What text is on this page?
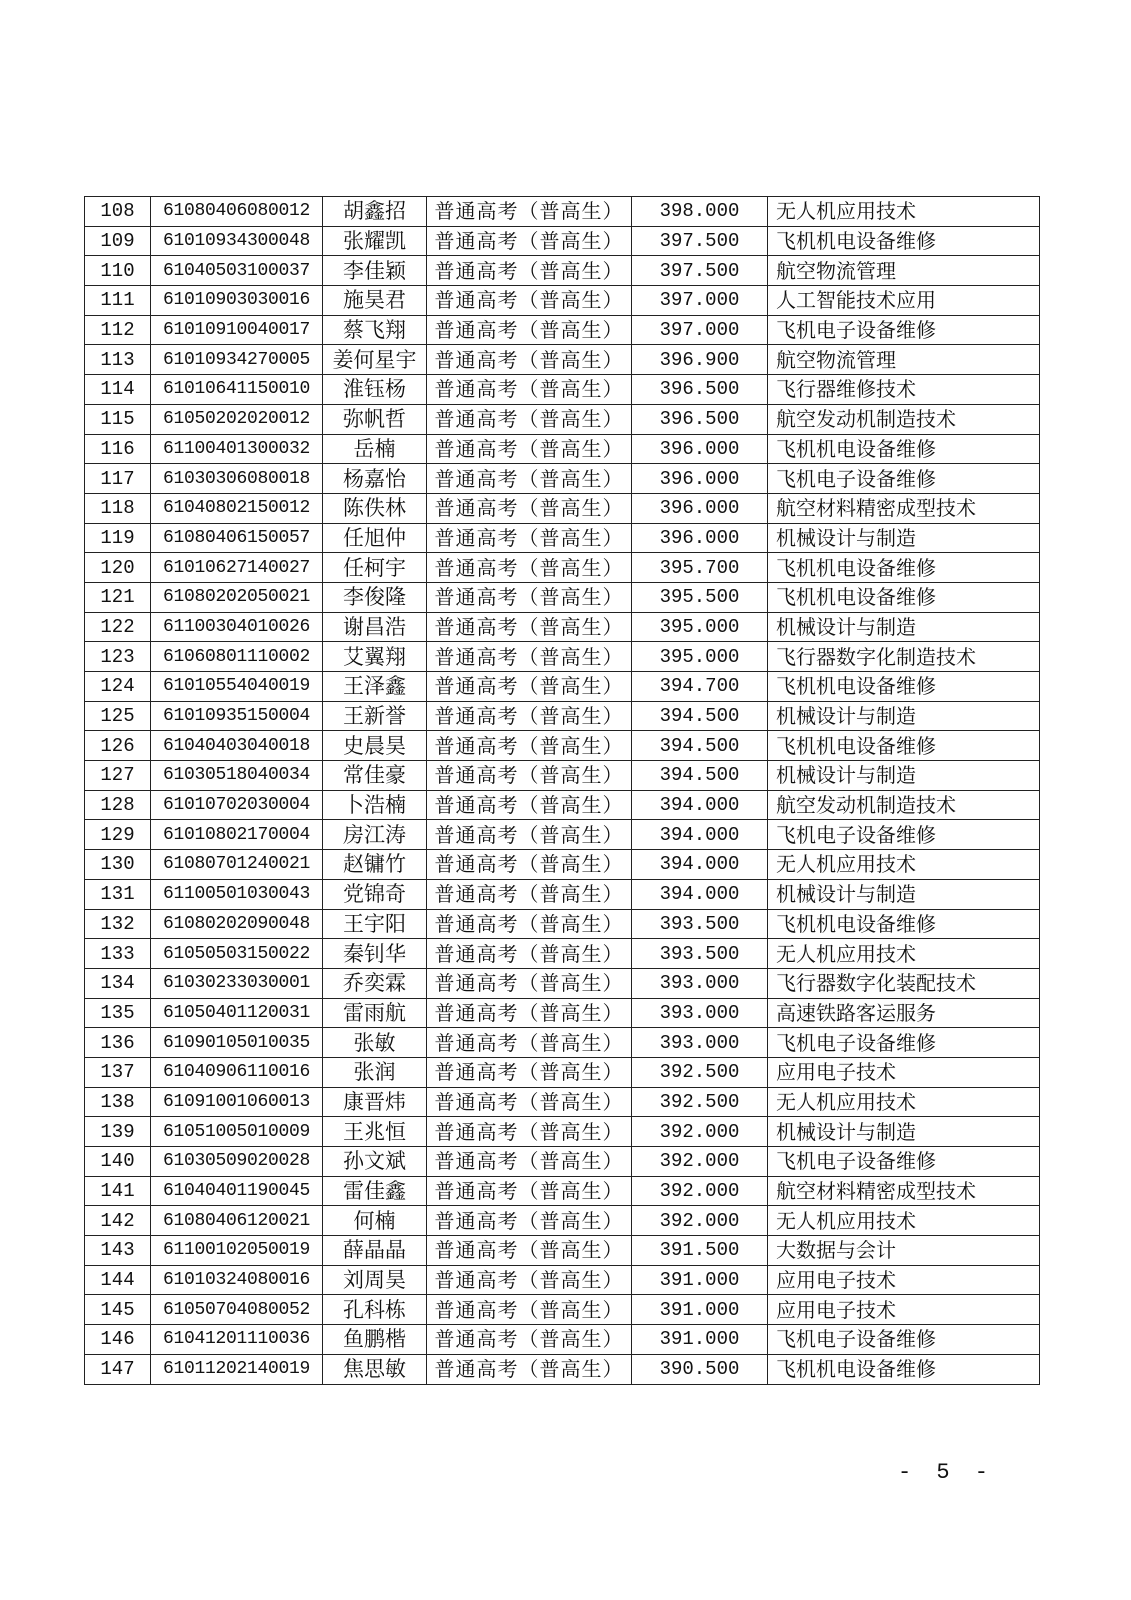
108	61080406080012	胡鑫招	普通高考（普高生）	398.000	无人机应用技术
109	61010934300048	张耀凯	普通高考（普高生）	397.500	飞机机电设备维修
110	61040503100037	李佳颖	普通高考（普高生）	397.500	航空物流管理
111	61010903030016	施昊君	普通高考（普高生）	397.000	人工智能技术应用
112	61010910040017	蔡飞翔	普通高考（普高生）	397.000	飞机电子设备维修
113	61010934270005	姜何星宇	普通高考（普高生）	396.900	航空物流管理
114	61010641150010	淮钰杨	普通高考（普高生）	396.500	飞行器维修技术
115	61050202020012	弥帆哲	普通高考（普高生）	396.500	航空发动机制造技术
116	61100401300032	岳楠	普通高考（普高生）	396.000	飞机机电设备维修
117	61030306080018	杨嘉怡	普通高考（普高生）	396.000	飞机电子设备维修
118	61040802150012	陈佚林	普通高考（普高生）	396.000	航空材料精密成型技术
119	61080406150057	任旭仲	普通高考（普高生）	396.000	机械设计与制造
120	61010627140027	任柯宇	普通高考（普高生）	395.700	飞机机电设备维修
121	61080202050021	李俊隆	普通高考（普高生）	395.500	飞机机电设备维修
122	61100304010026	谢昌浩	普通高考（普高生）	395.000	机械设计与制造
123	61060801110002	艾翼翔	普通高考（普高生）	395.000	飞行器数字化制造技术
124	61010554040019	王泽鑫	普通高考（普高生）	394.700	飞机机电设备维修
125	61010935150004	王新誉	普通高考（普高生）	394.500	机械设计与制造
126	61040403040018	史晨昊	普通高考（普高生）	394.500	飞机机电设备维修
127	61030518040034	常佳豪	普通高考（普高生）	394.500	机械设计与制造
128	61010702030004	卜浩楠	普通高考（普高生）	394.000	航空发动机制造技术
129	61010802170004	房江涛	普通高考（普高生）	394.000	飞机电子设备维修
130	61080701240021	赵镛竹	普通高考（普高生）	394.000	无人机应用技术
131	61100501030043	党锦奇	普通高考（普高生）	394.000	机械设计与制造
132	61080202090048	王宇阳	普通高考（普高生）	393.500	飞机机电设备维修
133	61050503150022	秦钊华	普通高考（普高生）	393.500	无人机应用技术
134	61030233030001	乔奕霖	普通高考（普高生）	393.000	飞行器数字化装配技术
135	61050401120031	雷雨航	普通高考（普高生）	393.000	高速铁路客运服务
136	61090105010035	张敏	普通高考（普高生）	393.000	飞机电子设备维修
137	61040906110016	张润	普通高考（普高生）	392.500	应用电子技术
138	61091001060013	康晋炜	普通高考（普高生）	392.500	无人机应用技术
139	61051005010009	王兆恒	普通高考（普高生）	392.000	机械设计与制造
140	61030509020028	孙文斌	普通高考（普高生）	392.000	飞机电子设备维修
141	61040401190045	雷佳鑫	普通高考（普高生）	392.000	航空材料精密成型技术
142	61080406120021	何楠	普通高考（普高生）	392.000	无人机应用技术
143	61100102050019	薛晶晶	普通高考（普高生）	391.500	大数据与会计
144	61010324080016	刘周昊	普通高考（普高生）	391.000	应用电子技术
145	61050704080052	孔科栋	普通高考（普高生）	391.000	应用电子技术
146	61041201110036	鱼鹏楷	普通高考（普高生）	391.000	飞机电子设备维修
147	61011202140019	焦思敏	普通高考（普高生）	390.500	飞机机电设备维修
- 5 -
